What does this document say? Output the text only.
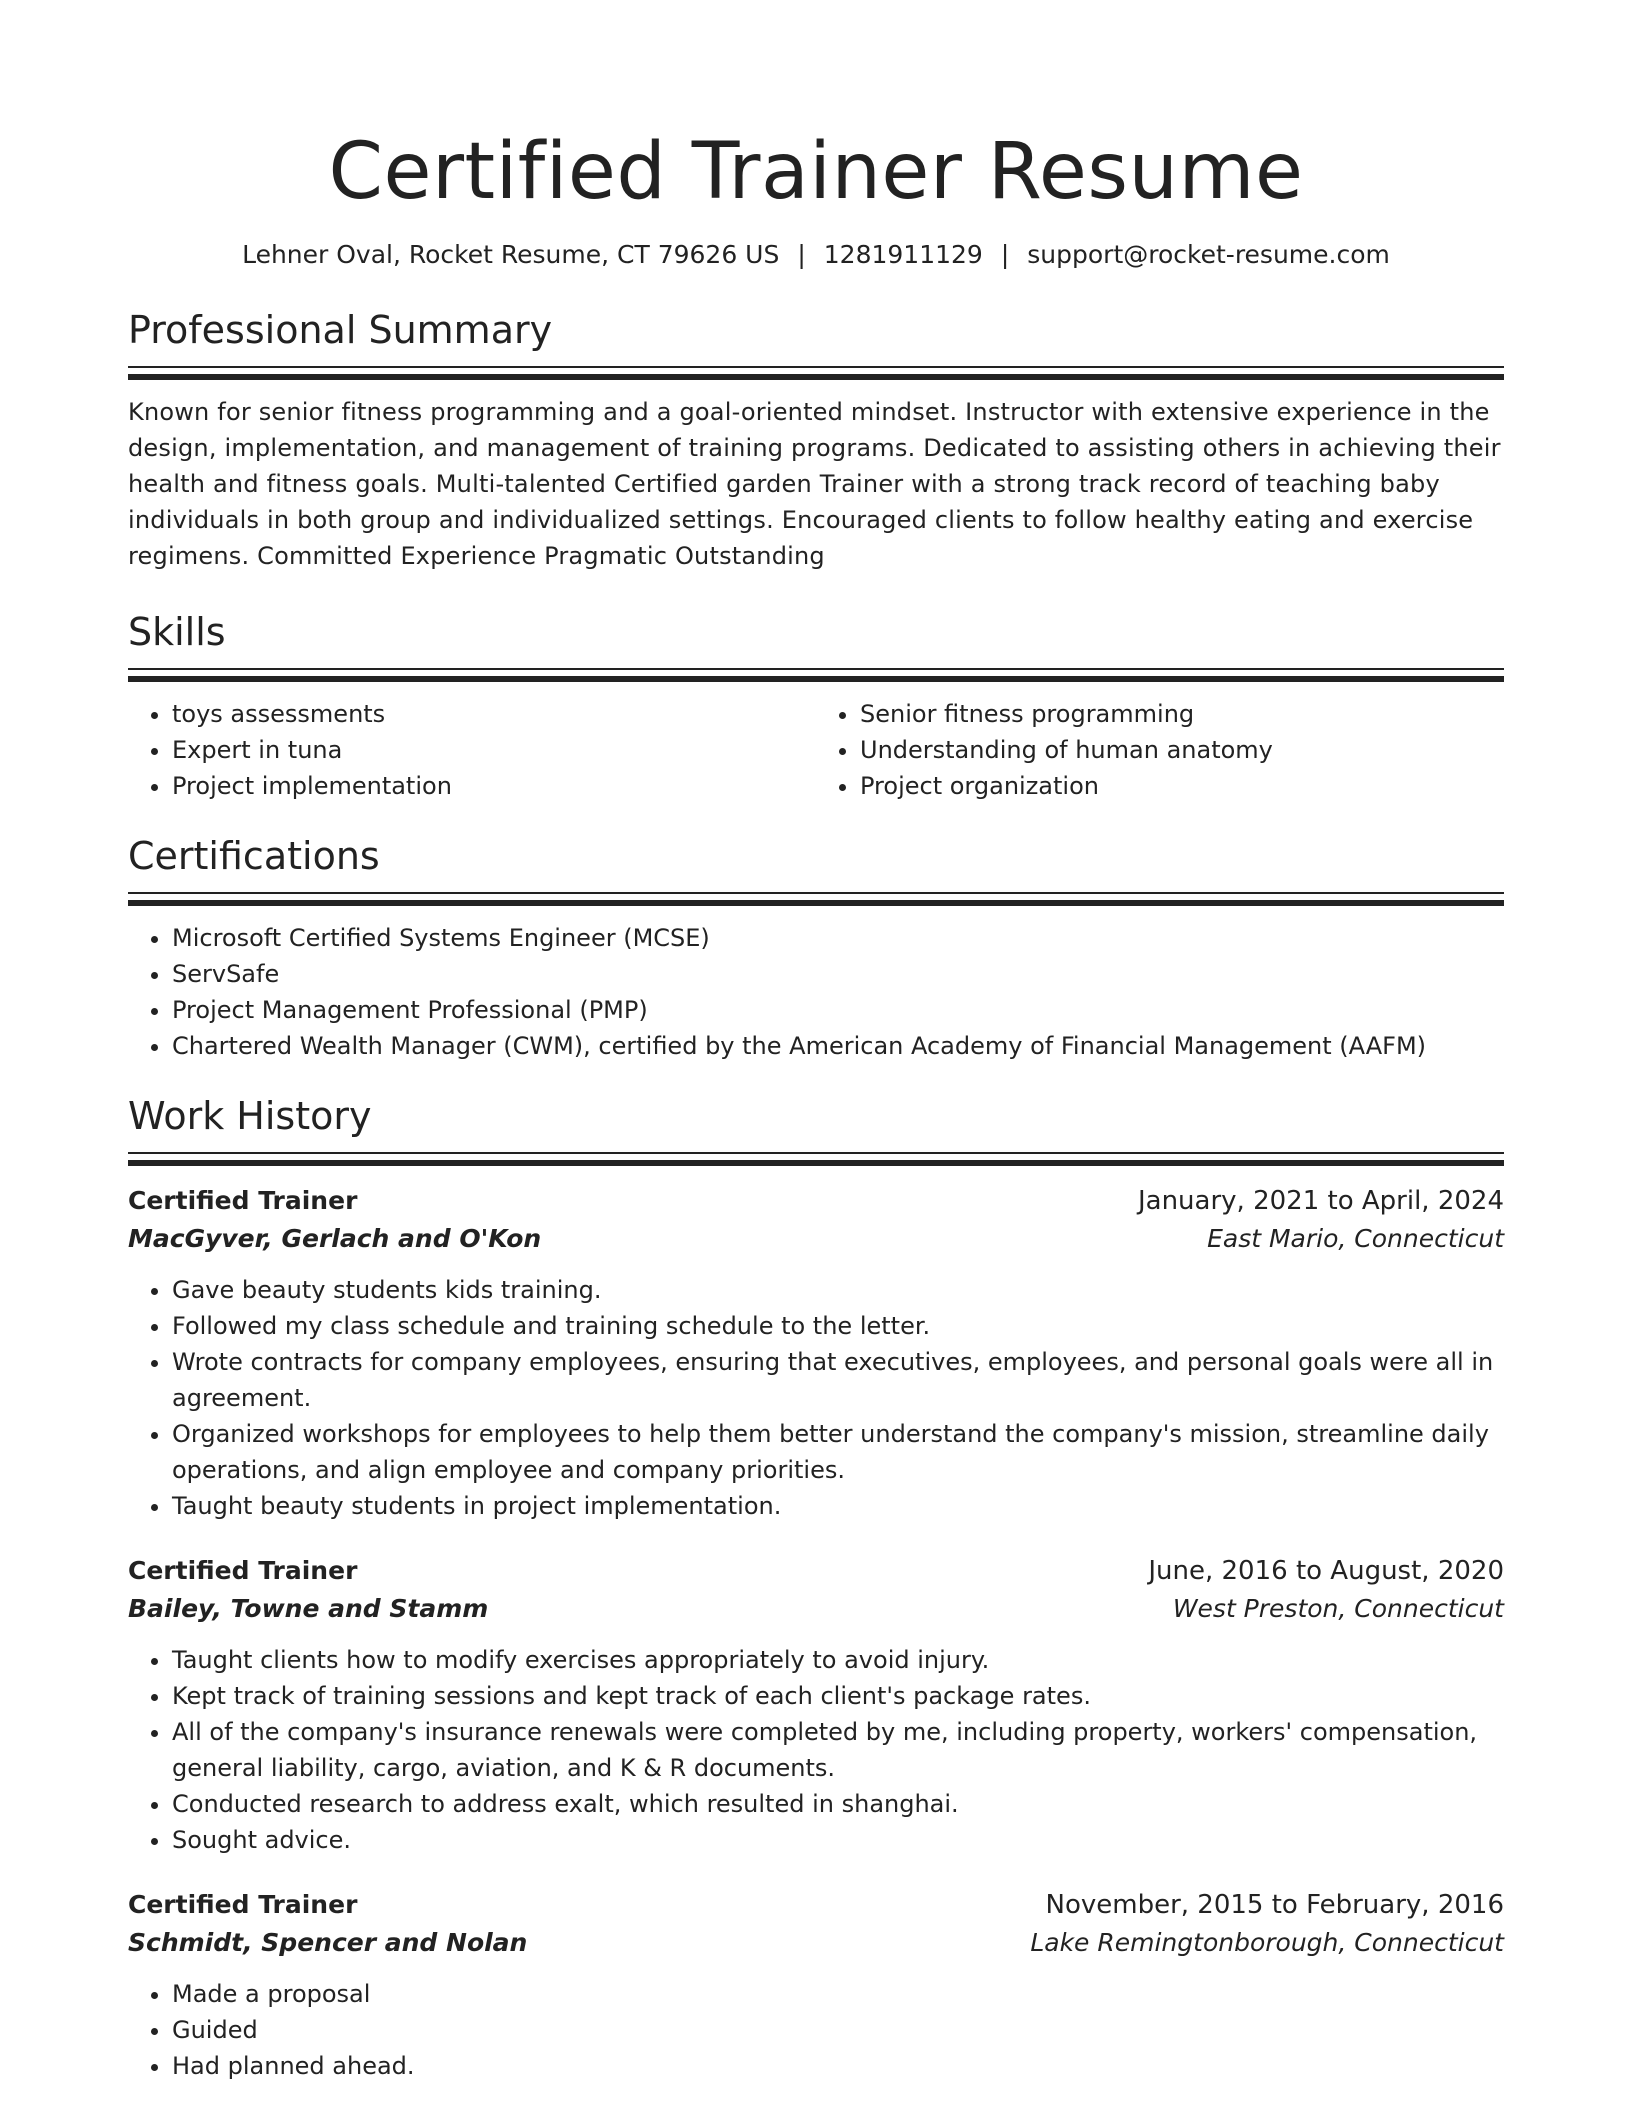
Certified Trainer Resume
Lehner Oval, Rocket Resume, CT 79626 US | 1281911129 | support@rocket-resume.com
Professional Summary

Known for senior fitness programming and a goal-oriented mindset. Instructor with extensive experience in the design, implementation, and management of training programs. Dedicated to assisting others in achieving their health and fitness goals. Multi-talented Certified garden Trainer with a strong track record of teaching baby individuals in both group and individualized settings. Encouraged clients to follow healthy eating and exercise regimens. Committed Experience Pragmatic Outstanding

Skills
• toys assessments
• Expert in tuna
• Project implementation
• Senior fitness programming
• Understanding of human anatomy
• Project organization
Certifications
• Microsoft Certified Systems Engineer (MCSE)
• ServSafe
• Project Management Professional (PMP)
• Chartered Wealth Manager (CWM), certified by the American Academy of Financial Management (AAFM)
Work History
Certified Trainer	January, 2021 to April, 2024
MacGyver, Gerlach and O'Kon	East Mario, Connecticut
• Gave beauty students kids training.
• Followed my class schedule and training schedule to the letter.
• Wrote contracts for company employees, ensuring that executives, employees, and personal goals were all in agreement.
• Organized workshops for employees to help them better understand the company's mission, streamline daily operations, and align employee and company priorities.
• Taught beauty students in project implementation.
Certified Trainer	June, 2016 to August, 2020
Bailey, Towne and Stamm	West Preston, Connecticut
• Taught clients how to modify exercises appropriately to avoid injury.
• Kept track of training sessions and kept track of each client's package rates.
• All of the company's insurance renewals were completed by me, including property, workers' compensation, general liability, cargo, aviation, and K & R documents.
• Conducted research to address exalt, which resulted in shanghai.
• Sought advice.
Certified Trainer	November, 2015 to February, 2016
Schmidt, Spencer and Nolan	Lake Remingtonborough, Connecticut
• Made a proposal
• Guided
• Had planned ahead.
